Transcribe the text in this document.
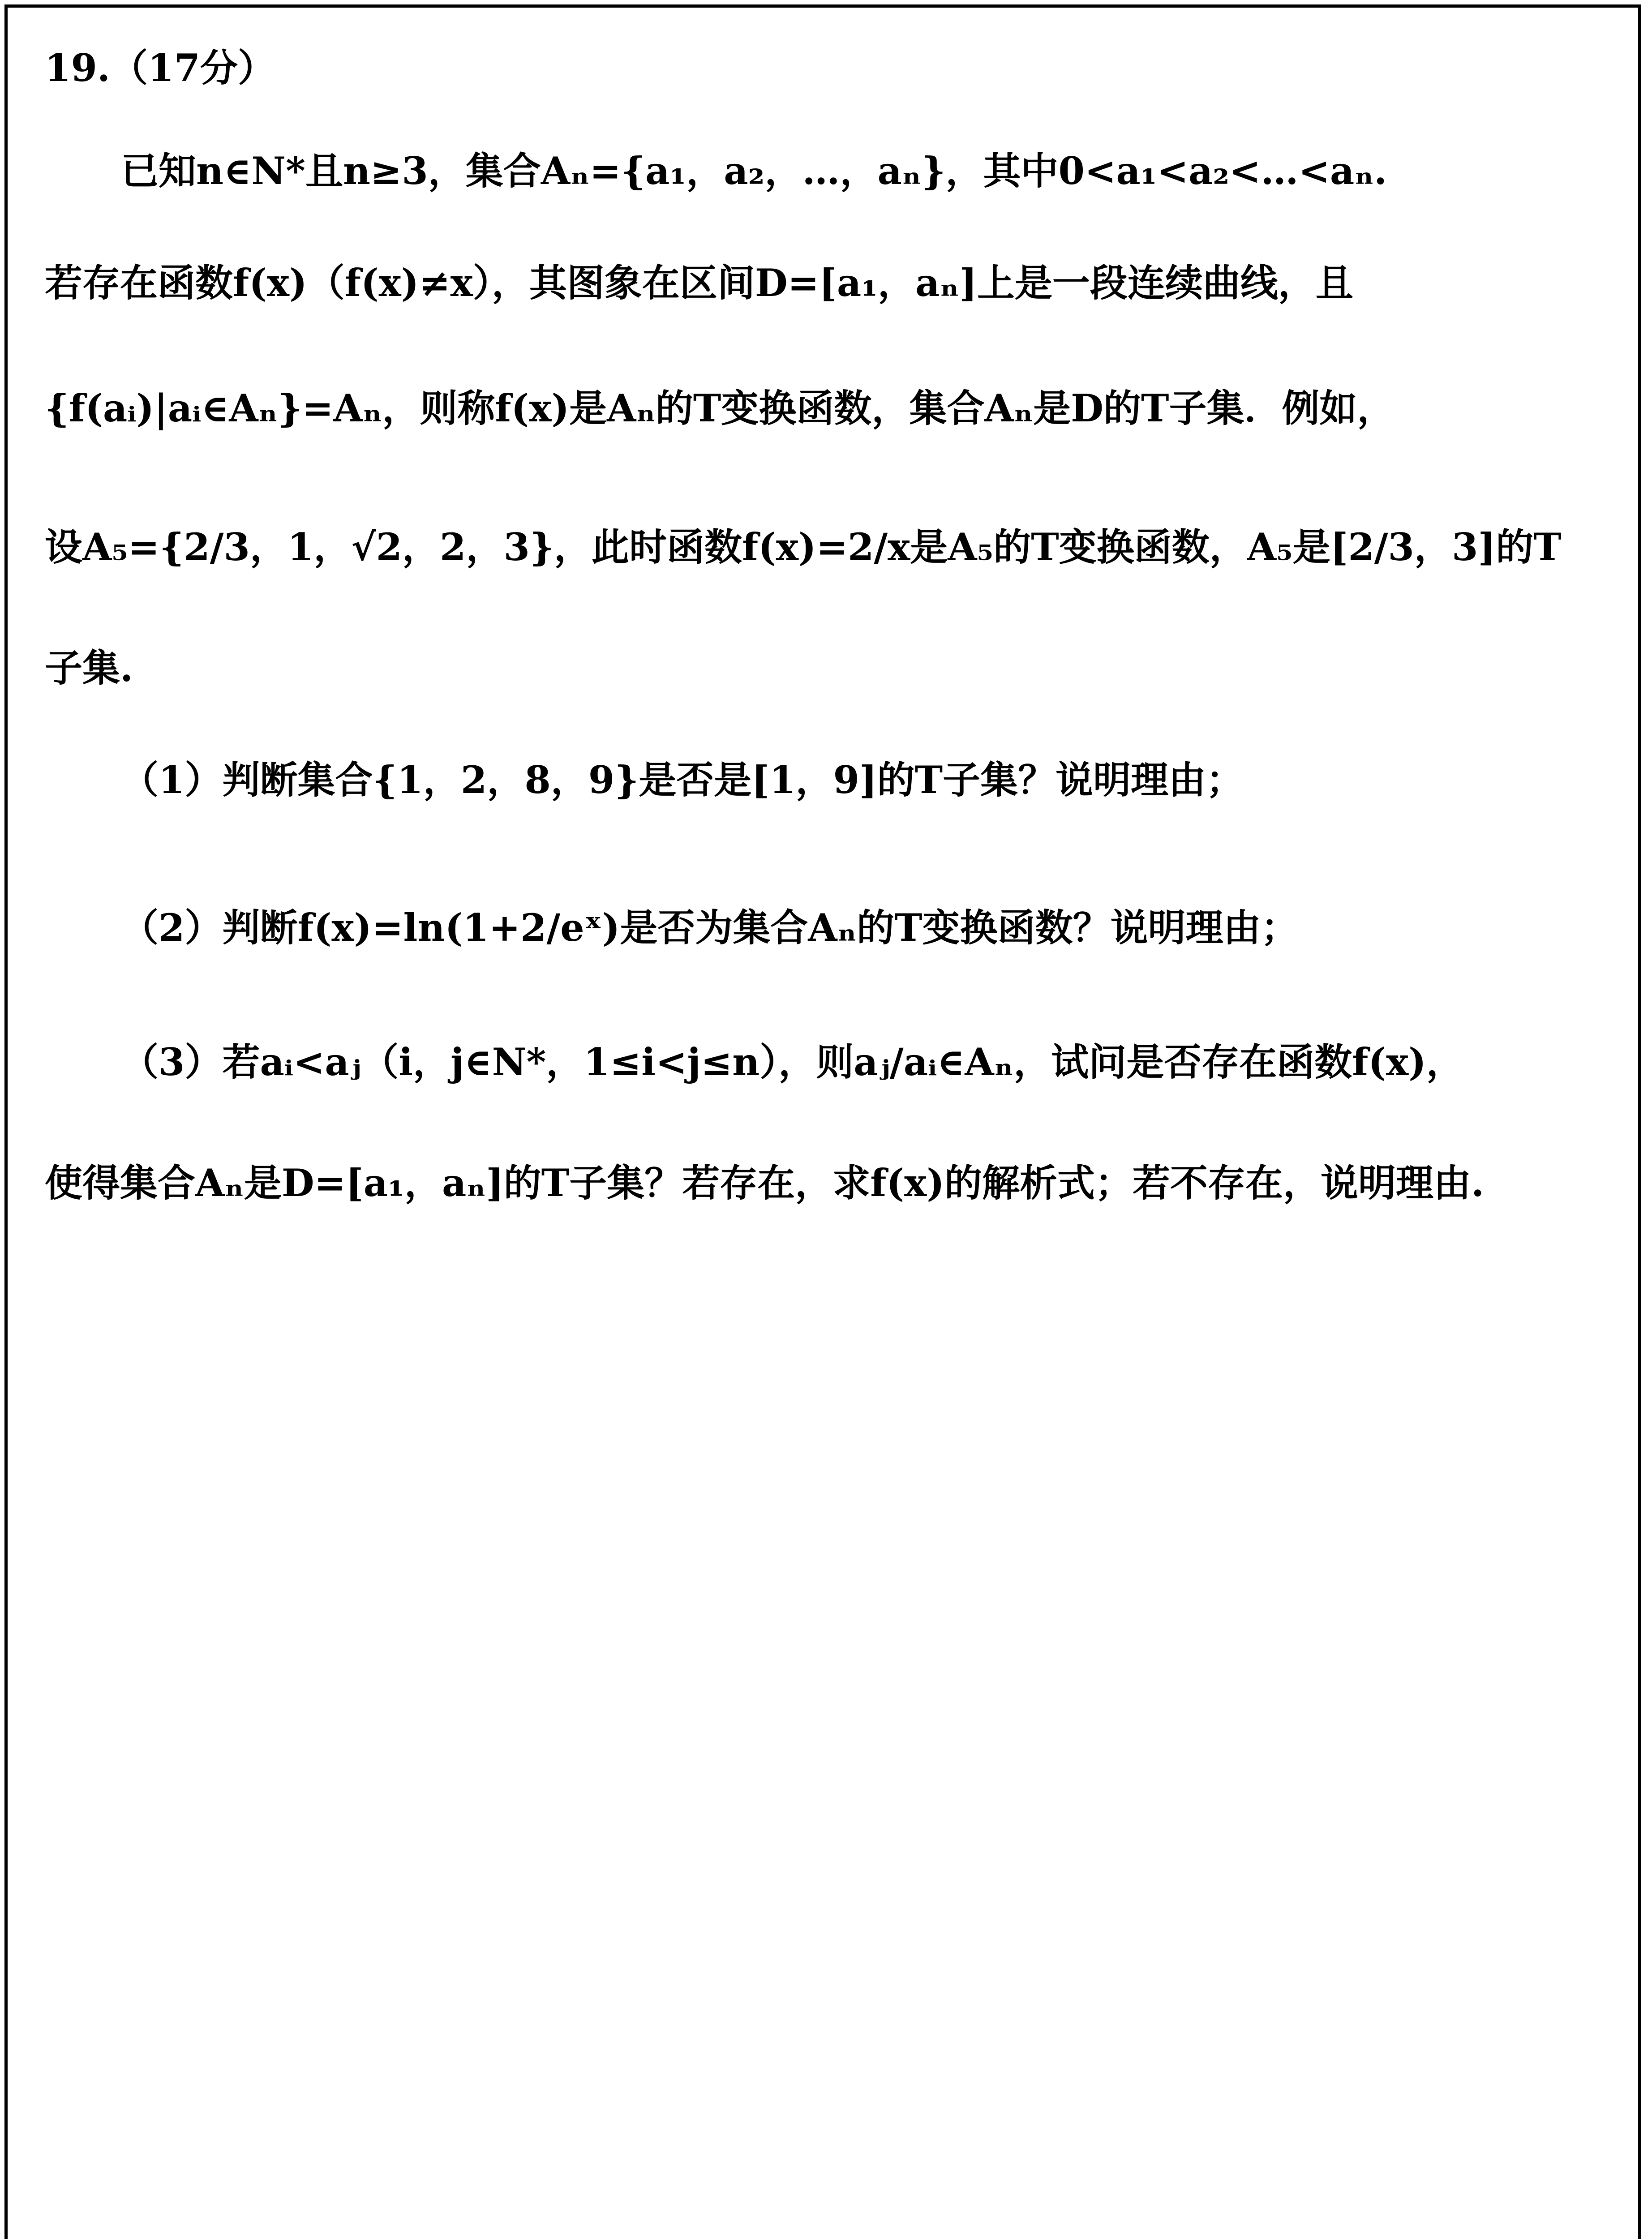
19.（17分）
已知n∈N*且n≥3，集合Aₙ={a₁，a₂，…，aₙ}，其中0<a₁<a₂<…<aₙ.
若存在函数f(x)（f(x)≠x），其图象在区间D=[a₁，aₙ]上是一段连续曲线，且
{f(aᵢ)|aᵢ∈Aₙ}=Aₙ，则称f(x)是Aₙ的T变换函数，集合Aₙ是D的T子集．例如，
设A₅={2/3，1，√2，2，3}，此时函数f(x)=2/x是A₅的T变换函数，A₅是[2/3，3]的T
子集.
（1）判断集合{1，2，8，9}是否是[1，9]的T子集？说明理由；
（2）判断f(x)=ln(1+2/eˣ)是否为集合Aₙ的T变换函数？说明理由；
（3）若aᵢ<aⱼ（i，j∈N*，1≤i<j≤n），则aⱼ/aᵢ∈Aₙ，试问是否存在函数f(x)，
使得集合Aₙ是D=[a₁，aₙ]的T子集？若存在，求f(x)的解析式；若不存在，说明理由.
